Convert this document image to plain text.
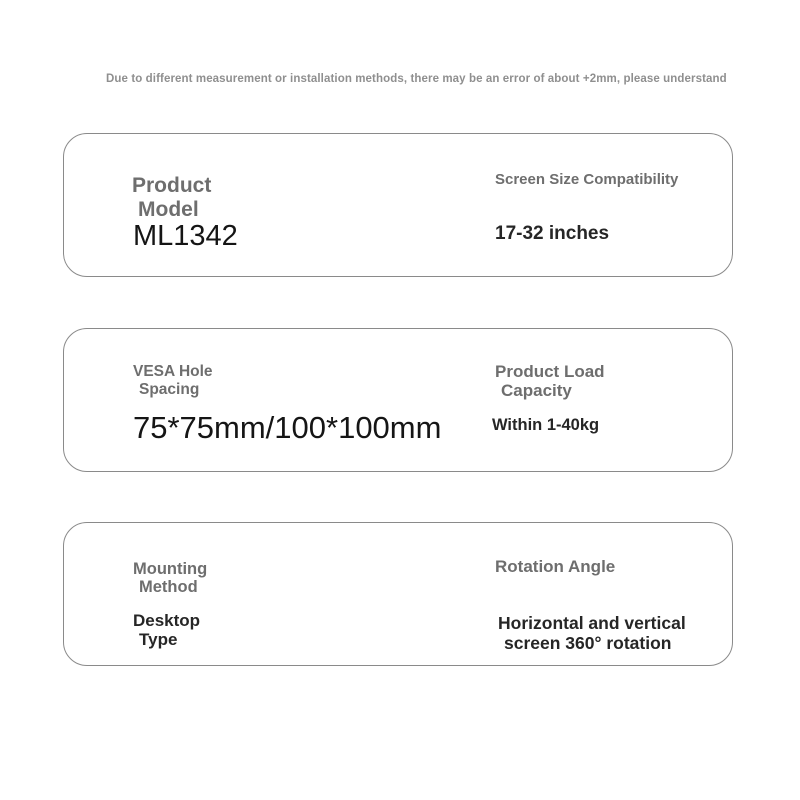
Due to different measurement or installation methods, there may be an error of about +2mm, please understand
Product
Model
ML1342
Screen Size Compatibility
17-32 inches
VESA Hole
Spacing
75*75mm/100*100mm
Product Load
Capacity
Within 1-40kg
Mounting
Method
Desktop
Type
Rotation Angle
Horizontal and vertical
screen 360° rotation
